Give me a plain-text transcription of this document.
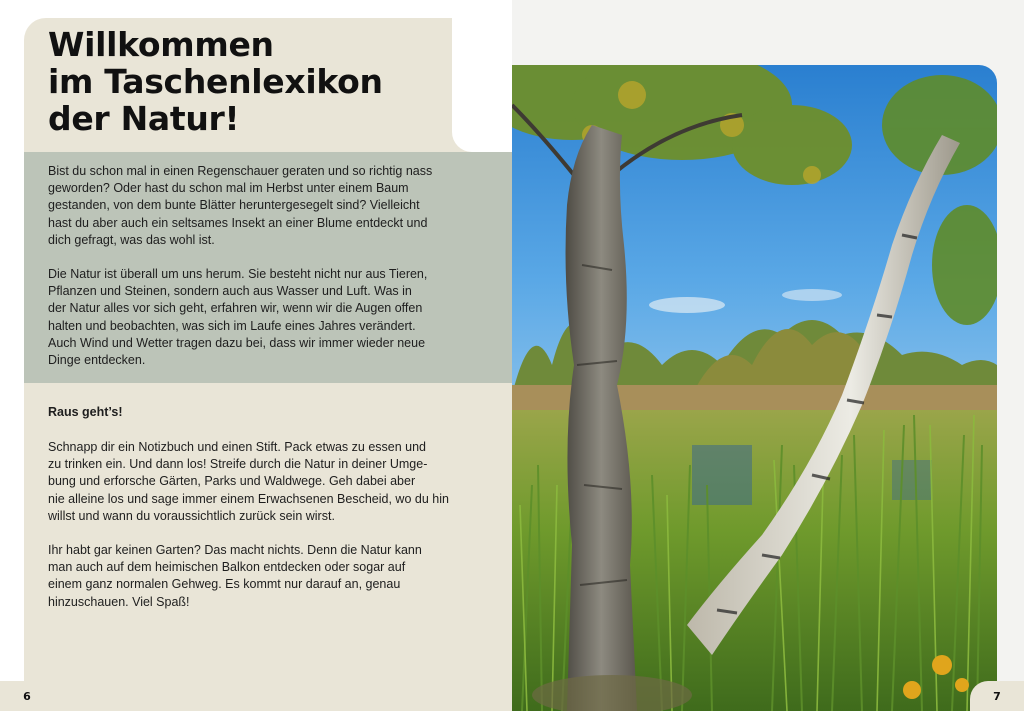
Willkommen
im Taschenlexikon
der Natur!

Bist du schon mal in einen Regenschauer geraten und so richtig nass
geworden? Oder hast du schon mal im Herbst unter einem Baum
gestanden, von dem bunte Blätter heruntergesegelt sind? Vielleicht
hast du aber auch ein seltsames Insekt an einer Blume entdeckt und
dich gefragt, was das wohl ist.

Die Natur ist überall um uns herum. Sie besteht nicht nur aus Tieren,
Pflanzen und Steinen, sondern auch aus Wasser und Luft. Was in
der Natur alles vor sich geht, erfahren wir, wenn wir die Augen offen
halten und beobachten, was sich im Laufe eines Jahres verändert.
Auch Wind und Wetter tragen dazu bei, dass wir immer wieder neue
Dinge entdecken.

Raus geht’s!

Schnapp dir ein Notizbuch und einen Stift. Pack etwas zu essen und
zu trinken ein. Und dann los! Streife durch die Natur in deiner Umge-
bung und erforsche Gärten, Parks und Waldwege. Geh dabei aber
nie alleine los und sage immer einem Erwachsenen Bescheid, wo du hin
willst und wann du voraussichtlich zurück sein wirst.

Ihr habt gar keinen Garten? Das macht nichts. Denn die Natur kann
man auch auf dem heimischen Balkon entdecken oder sogar auf
einem ganz normalen Gehweg. Es kommt nur darauf an, genau
hinzuschauen. Viel Spaß!

6	7
